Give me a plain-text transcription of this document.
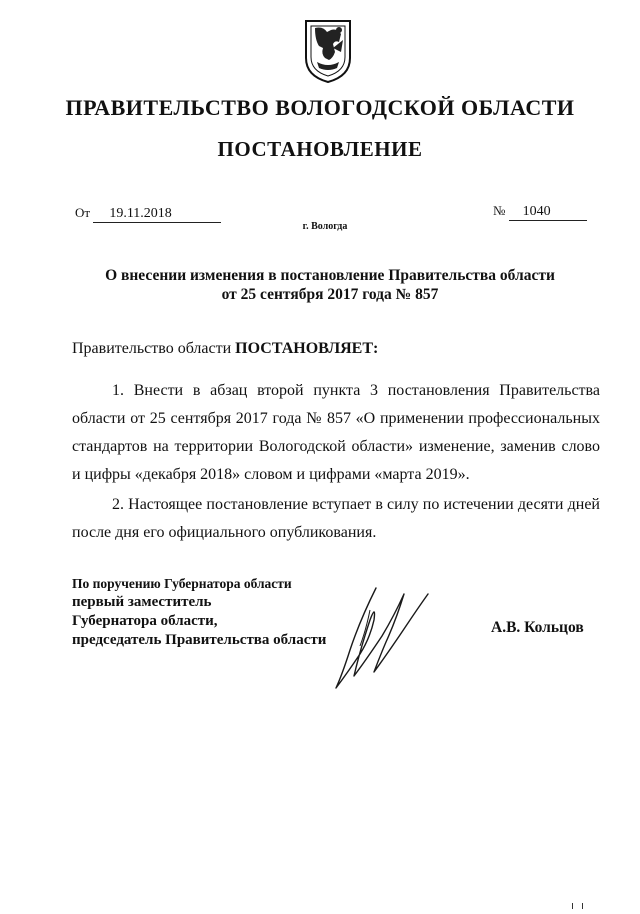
ПРАВИТЕЛЬСТВО ВОЛОГОДСКОЙ ОБЛАСТИ
ПОСТАНОВЛЕНИЕ
От 19.11.2018	№ 1040
г. Вологда
О внесении изменения в постановление Правительства области
от 25 сентября 2017 года № 857
Правительство области ПОСТАНОВЛЯЕТ:

1. Внести в абзац второй пункта 3 постановления Правительства области от 25 сентября 2017 года № 857 «О применении профессиональных стандартов на территории Вологодской области» изменение, заменив слово и цифры «декабря 2018» словом и цифрами «марта 2019».

2. Настоящее постановление вступает в силу по истечении десяти дней после дня его официального опубликования.

По поручению Губернатора области
первый заместитель
Губернатора области,
председатель Правительства области
А.В. Кольцов
